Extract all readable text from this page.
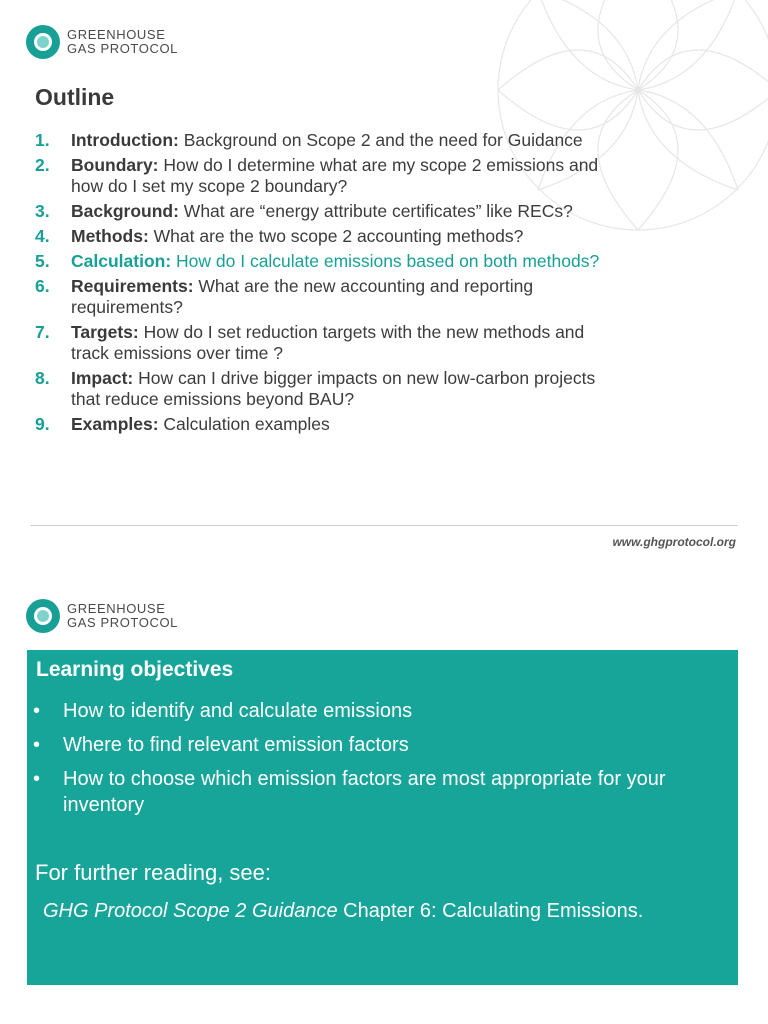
GREENHOUSE
GAS PROTOCOL
Outline
1. Introduction: Background on Scope 2 and the need for Guidance
2. Boundary: How do I determine what are my scope 2 emissions and how do I set my scope 2 boundary?
3. Background: What are “energy attribute certificates” like RECs?
4. Methods: What are the two scope 2 accounting methods?
5. Calculation: How do I calculate emissions based on both methods?
6. Requirements: What are the new accounting and reporting requirements?
7. Targets: How do I set reduction targets with the new methods and track emissions over time ?
8. Impact: How can I drive bigger impacts on new low-carbon projects that reduce emissions beyond BAU?
9. Examples: Calculation examples
www.ghgprotocol.org
GREENHOUSE
GAS PROTOCOL
Learning objectives
• How to identify and calculate emissions
• Where to find relevant emission factors
• How to choose which emission factors are most appropriate for your inventory
For further reading, see:
GHG Protocol Scope 2 Guidance Chapter 6: Calculating Emissions.
